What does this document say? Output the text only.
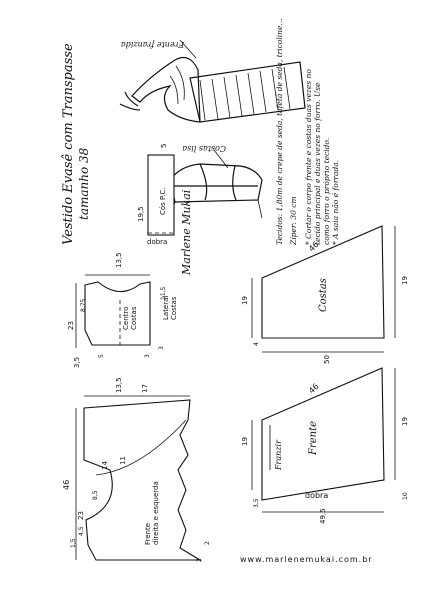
Frente franzida
Costas lisa
Vestido Evasê com Transpasse tamanho 38	Cós P.C.
19,5
5
dobra	Tecidos: 1,80m de crepe de seda, tafetá de seda, tricoline... Zíper: 30 cm * Cortar o corpo frente e costas duas vezes no tecido principal e duas vezes no forro. Use como forro o próprio tecido. * A saia não é forrada.
Marlene Mukai
Lateral Costas
Centro Costas
13,5
23
8,75
11,5
3,5
5	3
3
Frente direita e esquerda
17
13,5
46
23
14
11
8,5
1,5
4,5
2
2
Costas
46
19
19
50
4
Frente
Franzir
dobra
46
19
19
49,5
10
3,5
www.marlenemukai.com.br
